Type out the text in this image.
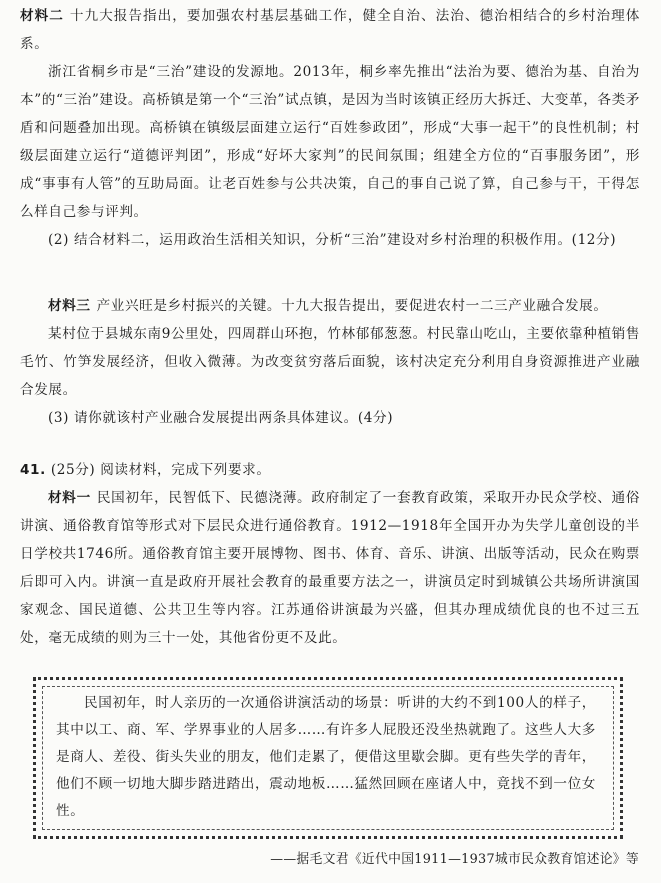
材料二 十九大报告指出，要加强农村基层基础工作，健全自治、法治、德治相结合的乡村治理体系。

浙江省桐乡市是“三治”建设的发源地。2013年，桐乡率先推出“法治为要、德治为基、自治为本”的“三治”建设。高桥镇是第一个“三治”试点镇，是因为当时该镇正经历大拆迁、大变革，各类矛盾和问题叠加出现。高桥镇在镇级层面建立运行“百姓参政团”，形成“大事一起干”的良性机制；村级层面建立运行“道德评判团”，形成“好坏大家判”的民间氛围；组建全方位的“百事服务团”，形成“事事有人管”的互助局面。让老百姓参与公共决策，自己的事自己说了算，自己参与干，干得怎么样自己参与评判。

(2) 结合材料二，运用政治生活相关知识，分析“三治”建设对乡村治理的积极作用。(12分)

材料三 产业兴旺是乡村振兴的关键。十九大报告提出，要促进农村一二三产业融合发展。

某村位于县城东南9公里处，四周群山环抱，竹林郁郁葱葱。村民靠山吃山，主要依靠种植销售毛竹、竹笋发展经济，但收入微薄。为改变贫穷落后面貌，该村决定充分利用自身资源推进产业融合发展。

(3) 请你就该村产业融合发展提出两条具体建议。(4分)

41. (25分) 阅读材料，完成下列要求。

材料一 民国初年，民智低下、民德浇薄。政府制定了一套教育政策，采取开办民众学校、通俗讲演、通俗教育馆等形式对下层民众进行通俗教育。1912—1918年全国开办为失学儿童创设的半日学校共1746所。通俗教育馆主要开展博物、图书、体育、音乐、讲演、出版等活动，民众在购票后即可入内。讲演一直是政府开展社会教育的最重要方法之一，讲演员定时到城镇公共场所讲演国家观念、国民道德、公共卫生等内容。江苏通俗讲演最为兴盛，但其办理成绩优良的也不过三五处，毫无成绩的则为三十一处，其他省份更不及此。

民国初年，时人亲历的一次通俗讲演活动的场景：听讲的大约不到100人的样子，其中以工、商、军、学界事业的人居多……有许多人屁股还没坐热就跑了。这些人大多是商人、差役、街头失业的朋友，他们走累了，便借这里歇会脚。更有些失学的青年，他们不顾一切地大脚步踏进踏出，震动地板……猛然回顾在座诸人中，竟找不到一位女性。

——据毛文君《近代中国1911—1937城市民众教育馆述论》等
